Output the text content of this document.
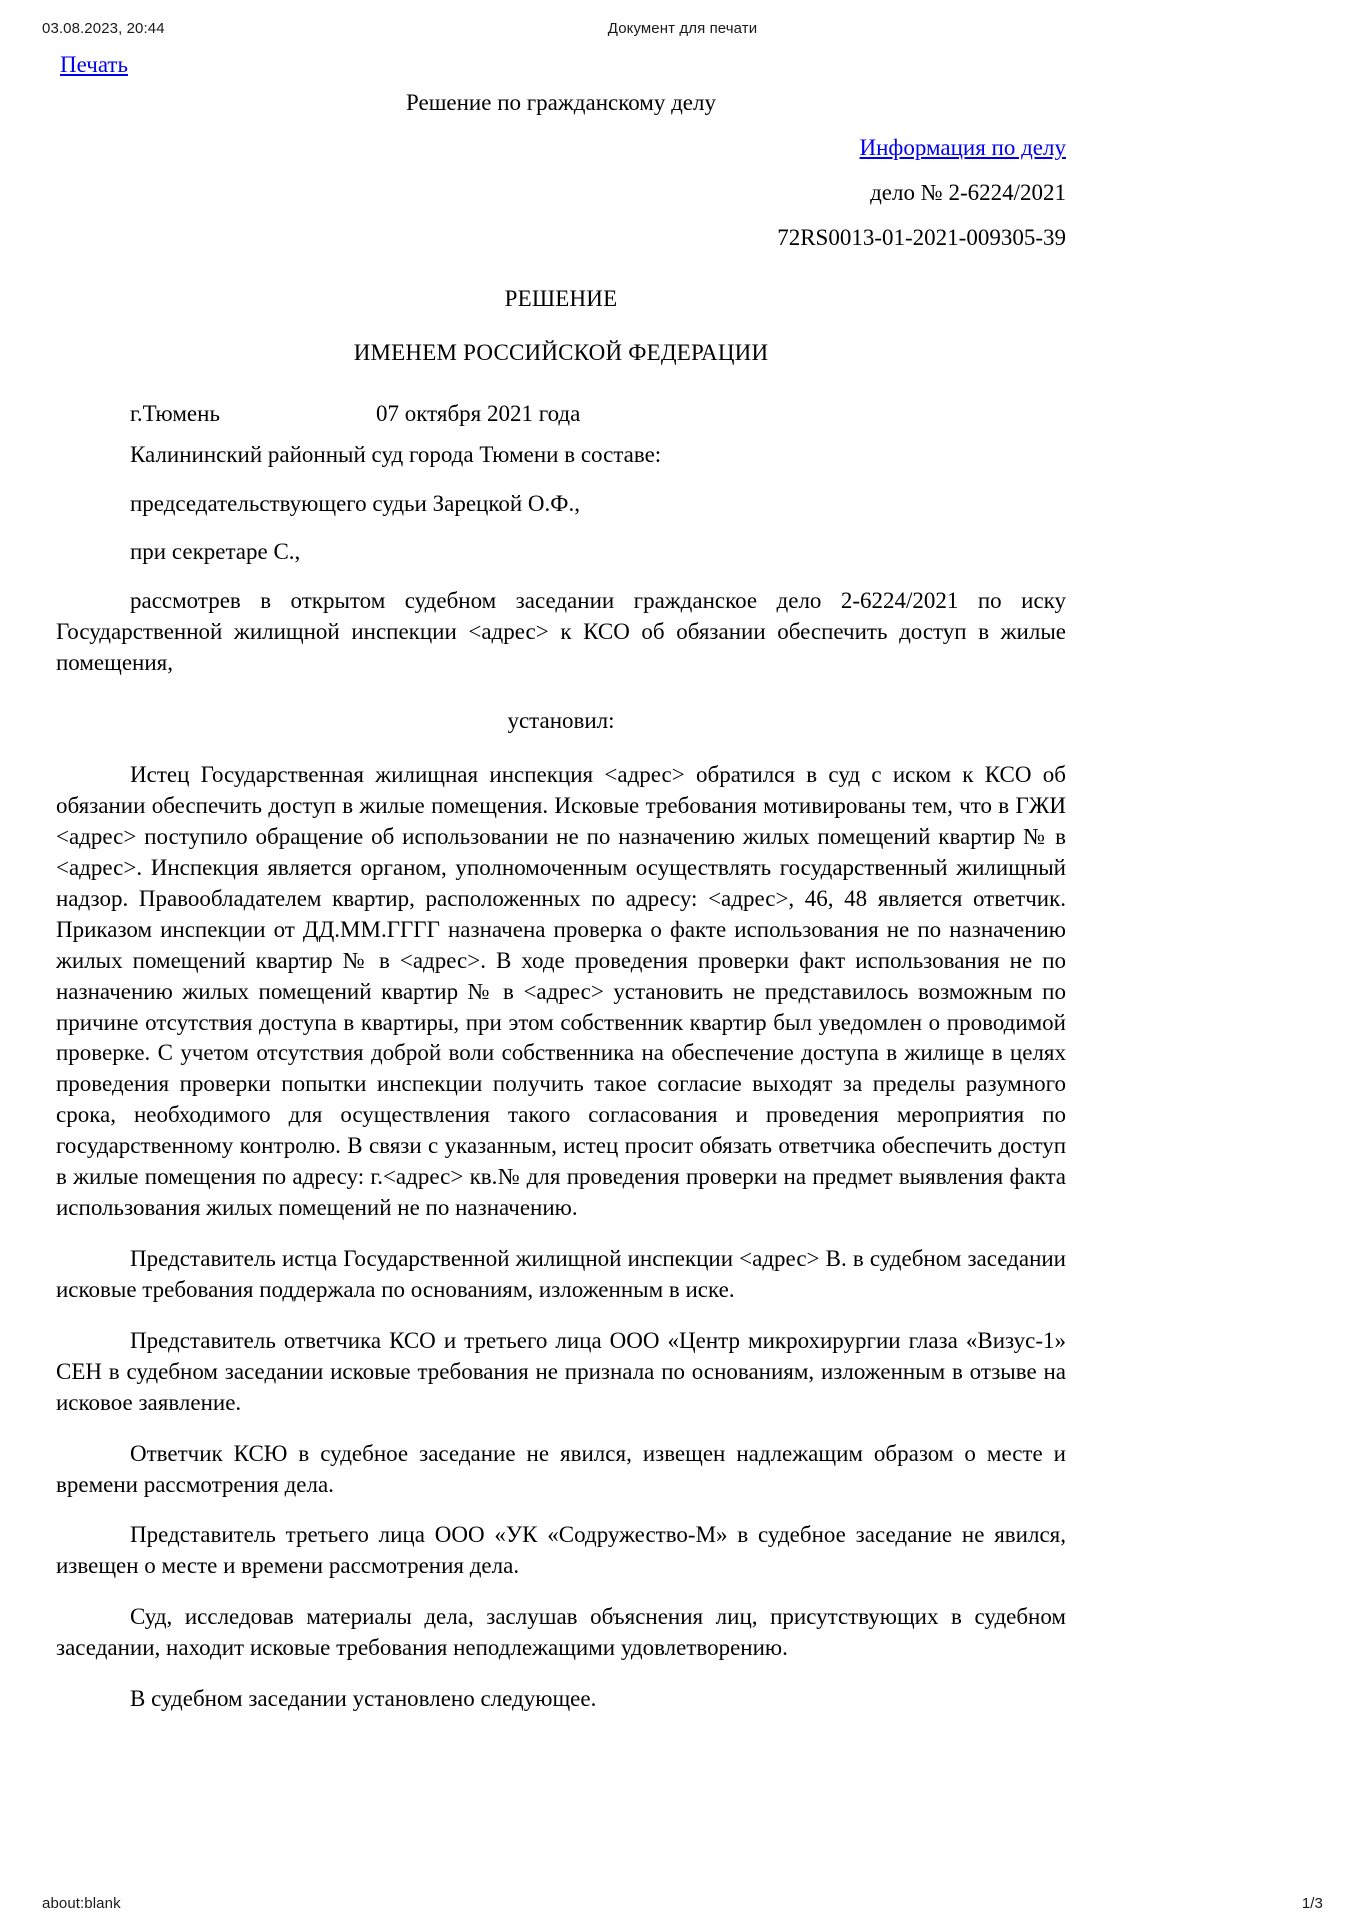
03.08.2023, 20:44	Документ для печати
Печать
Решение по гражданскому делу
Информация по делу
дело № 2-6224/2021
72RS0013-01-2021-009305-39
РЕШЕНИЕ
ИМЕНЕМ РОССИЙСКОЙ ФЕДЕРАЦИИ
г.Тюмень	07 октября 2021 года

Калининский районный суд города Тюмени в составе:

председательствующего судьи Зарецкой О.Ф.,

при секретаре С.,

рассмотрев в открытом судебном заседании гражданское дело 2-6224/2021 по иску Государственной жилищной инспекции <адрес> к КСО об обязании обеспечить доступ в жилые помещения,

установил:

Истец Государственная жилищная инспекция <адрес> обратился в суд с иском к КСО об обязании обеспечить доступ в жилые помещения. Исковые требования мотивированы тем, что в ГЖИ <адрес> поступило обращение об использовании не по назначению жилых помещений квартир № в <адрес>. Инспекция является органом, уполномоченным осуществлять государственный жилищный надзор. Правообладателем квартир, расположенных по адресу: <адрес>, 46, 48 является ответчик. Приказом инспекции от ДД.ММ.ГГГГ назначена проверка о факте использования не по назначению жилых помещений квартир № в <адрес>. В ходе проведения проверки факт использования не по назначению жилых помещений квартир № в <адрес> установить не представилось возможным по причине отсутствия доступа в квартиры, при этом собственник квартир был уведомлен о проводимой проверке. С учетом отсутствия доброй воли собственника на обеспечение доступа в жилище в целях проведения проверки попытки инспекции получить такое согласие выходят за пределы разумного срока, необходимого для осуществления такого согласования и проведения мероприятия по государственному контролю. В связи с указанным, истец просит обязать ответчика обеспечить доступ в жилые помещения по адресу: г.<адрес> кв.№ для проведения проверки на предмет выявления факта использования жилых помещений не по назначению.

Представитель истца Государственной жилищной инспекции <адрес> В. в судебном заседании исковые требования поддержала по основаниям, изложенным в иске.

Представитель ответчика КСО и третьего лица ООО «Центр микрохирургии глаза «Визус-1» СЕН в судебном заседании исковые требования не признала по основаниям, изложенным в отзыве на исковое заявление.

Ответчик КСЮ в судебное заседание не явился, извещен надлежащим образом о месте и времени рассмотрения дела.

Представитель третьего лица ООО «УК «Содружество-М» в судебное заседание не явился, извещен о месте и времени рассмотрения дела.

Суд, исследовав материалы дела, заслушав объяснения лиц, присутствующих в судебном заседании, находит исковые требования неподлежащими удовлетворению.

В судебном заседании установлено следующее.

about:blank	1/3
